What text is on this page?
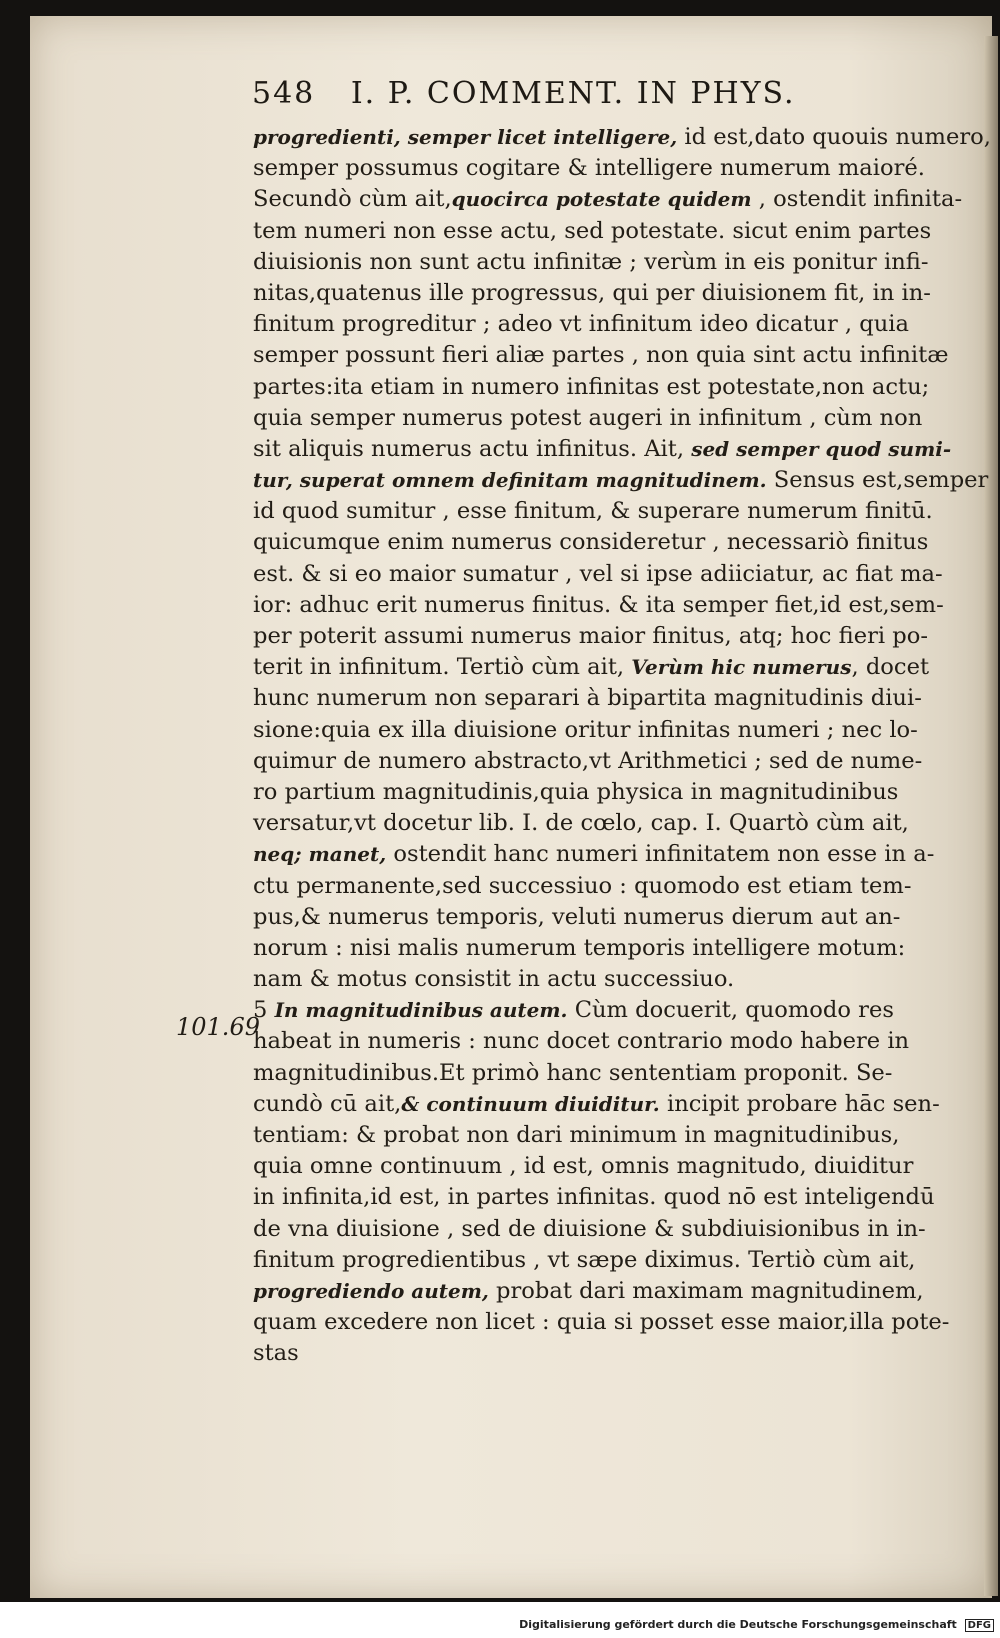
548 I. P. COMMENT. IN PHYS.
101.69
progredienti, semper licet intelligere, id est,dato quouis numero,
semper possumus cogitare & intelligere numerum maioré.
Secundò cùm ait,quocirca potestate quidem , ostendit infinita-
tem numeri non esse actu, sed potestate. sicut enim partes
diuisionis non sunt actu infinitæ ; verùm in eis ponitur infi-
nitas,quatenus ille progressus, qui per diuisionem fit, in in-
finitum progreditur ; adeo vt infinitum ideo dicatur , quia
semper possunt fieri aliæ partes , non quia sint actu infinitæ
partes:ita etiam in numero infinitas est potestate,non actu;
quia semper numerus potest augeri in infinitum , cùm non
sit aliquis numerus actu infinitus. Ait, sed semper quod sumi-
tur, superat omnem definitam magnitudinem. Sensus est,semper
id quod sumitur , esse finitum, & superare numerum finitū.
quicumque enim numerus consideretur , necessariò finitus
est. & si eo maior sumatur , vel si ipse adiiciatur, ac fiat ma-
ior: adhuc erit numerus finitus. & ita semper fiet,id est,sem-
per poterit assumi numerus maior finitus, atq; hoc fieri po-
terit in infinitum. Tertiò cùm ait, Verùm hic numerus, docet
hunc numerum non separari à bipartita magnitudinis diui-
sione:quia ex illa diuisione oritur infinitas numeri ; nec lo-
quimur de numero abstracto,vt Arithmetici ; sed de nume-
ro partium magnitudinis,quia physica in magnitudinibus
versatur,vt docetur lib. I. de cœlo, cap. I. Quartò cùm ait,
neq; manet, ostendit hanc numeri infinitatem non esse in a-
ctu permanente,sed successiuo : quomodo est etiam tem-
pus,& numerus temporis, veluti numerus dierum aut an-
norum : nisi malis numerum temporis intelligere motum:
nam & motus consistit in actu successiuo.
5 In magnitudinibus autem. Cùm docuerit, quomodo res
habeat in numeris : nunc docet contrario modo habere in
magnitudinibus.Et primò hanc sententiam proponit. Se-
cundò cū ait,& continuum diuiditur. incipit probare hāc sen-
tentiam: & probat non dari minimum in magnitudinibus,
quia omne continuum , id est, omnis magnitudo, diuiditur
in infinita,id est, in partes infinitas. quod nō est inteligendū
de vna diuisione , sed de diuisione & subdiuisionibus in in-
finitum progredientibus , vt sæpe diximus. Tertiò cùm ait,
progrediendo autem, probat dari maximam magnitudinem,
quam excedere non licet : quia si posset esse maior,illa pote-
stas
Digitalisierung gefördert durch die Deutsche Forschungsgemeinschaft DFG
